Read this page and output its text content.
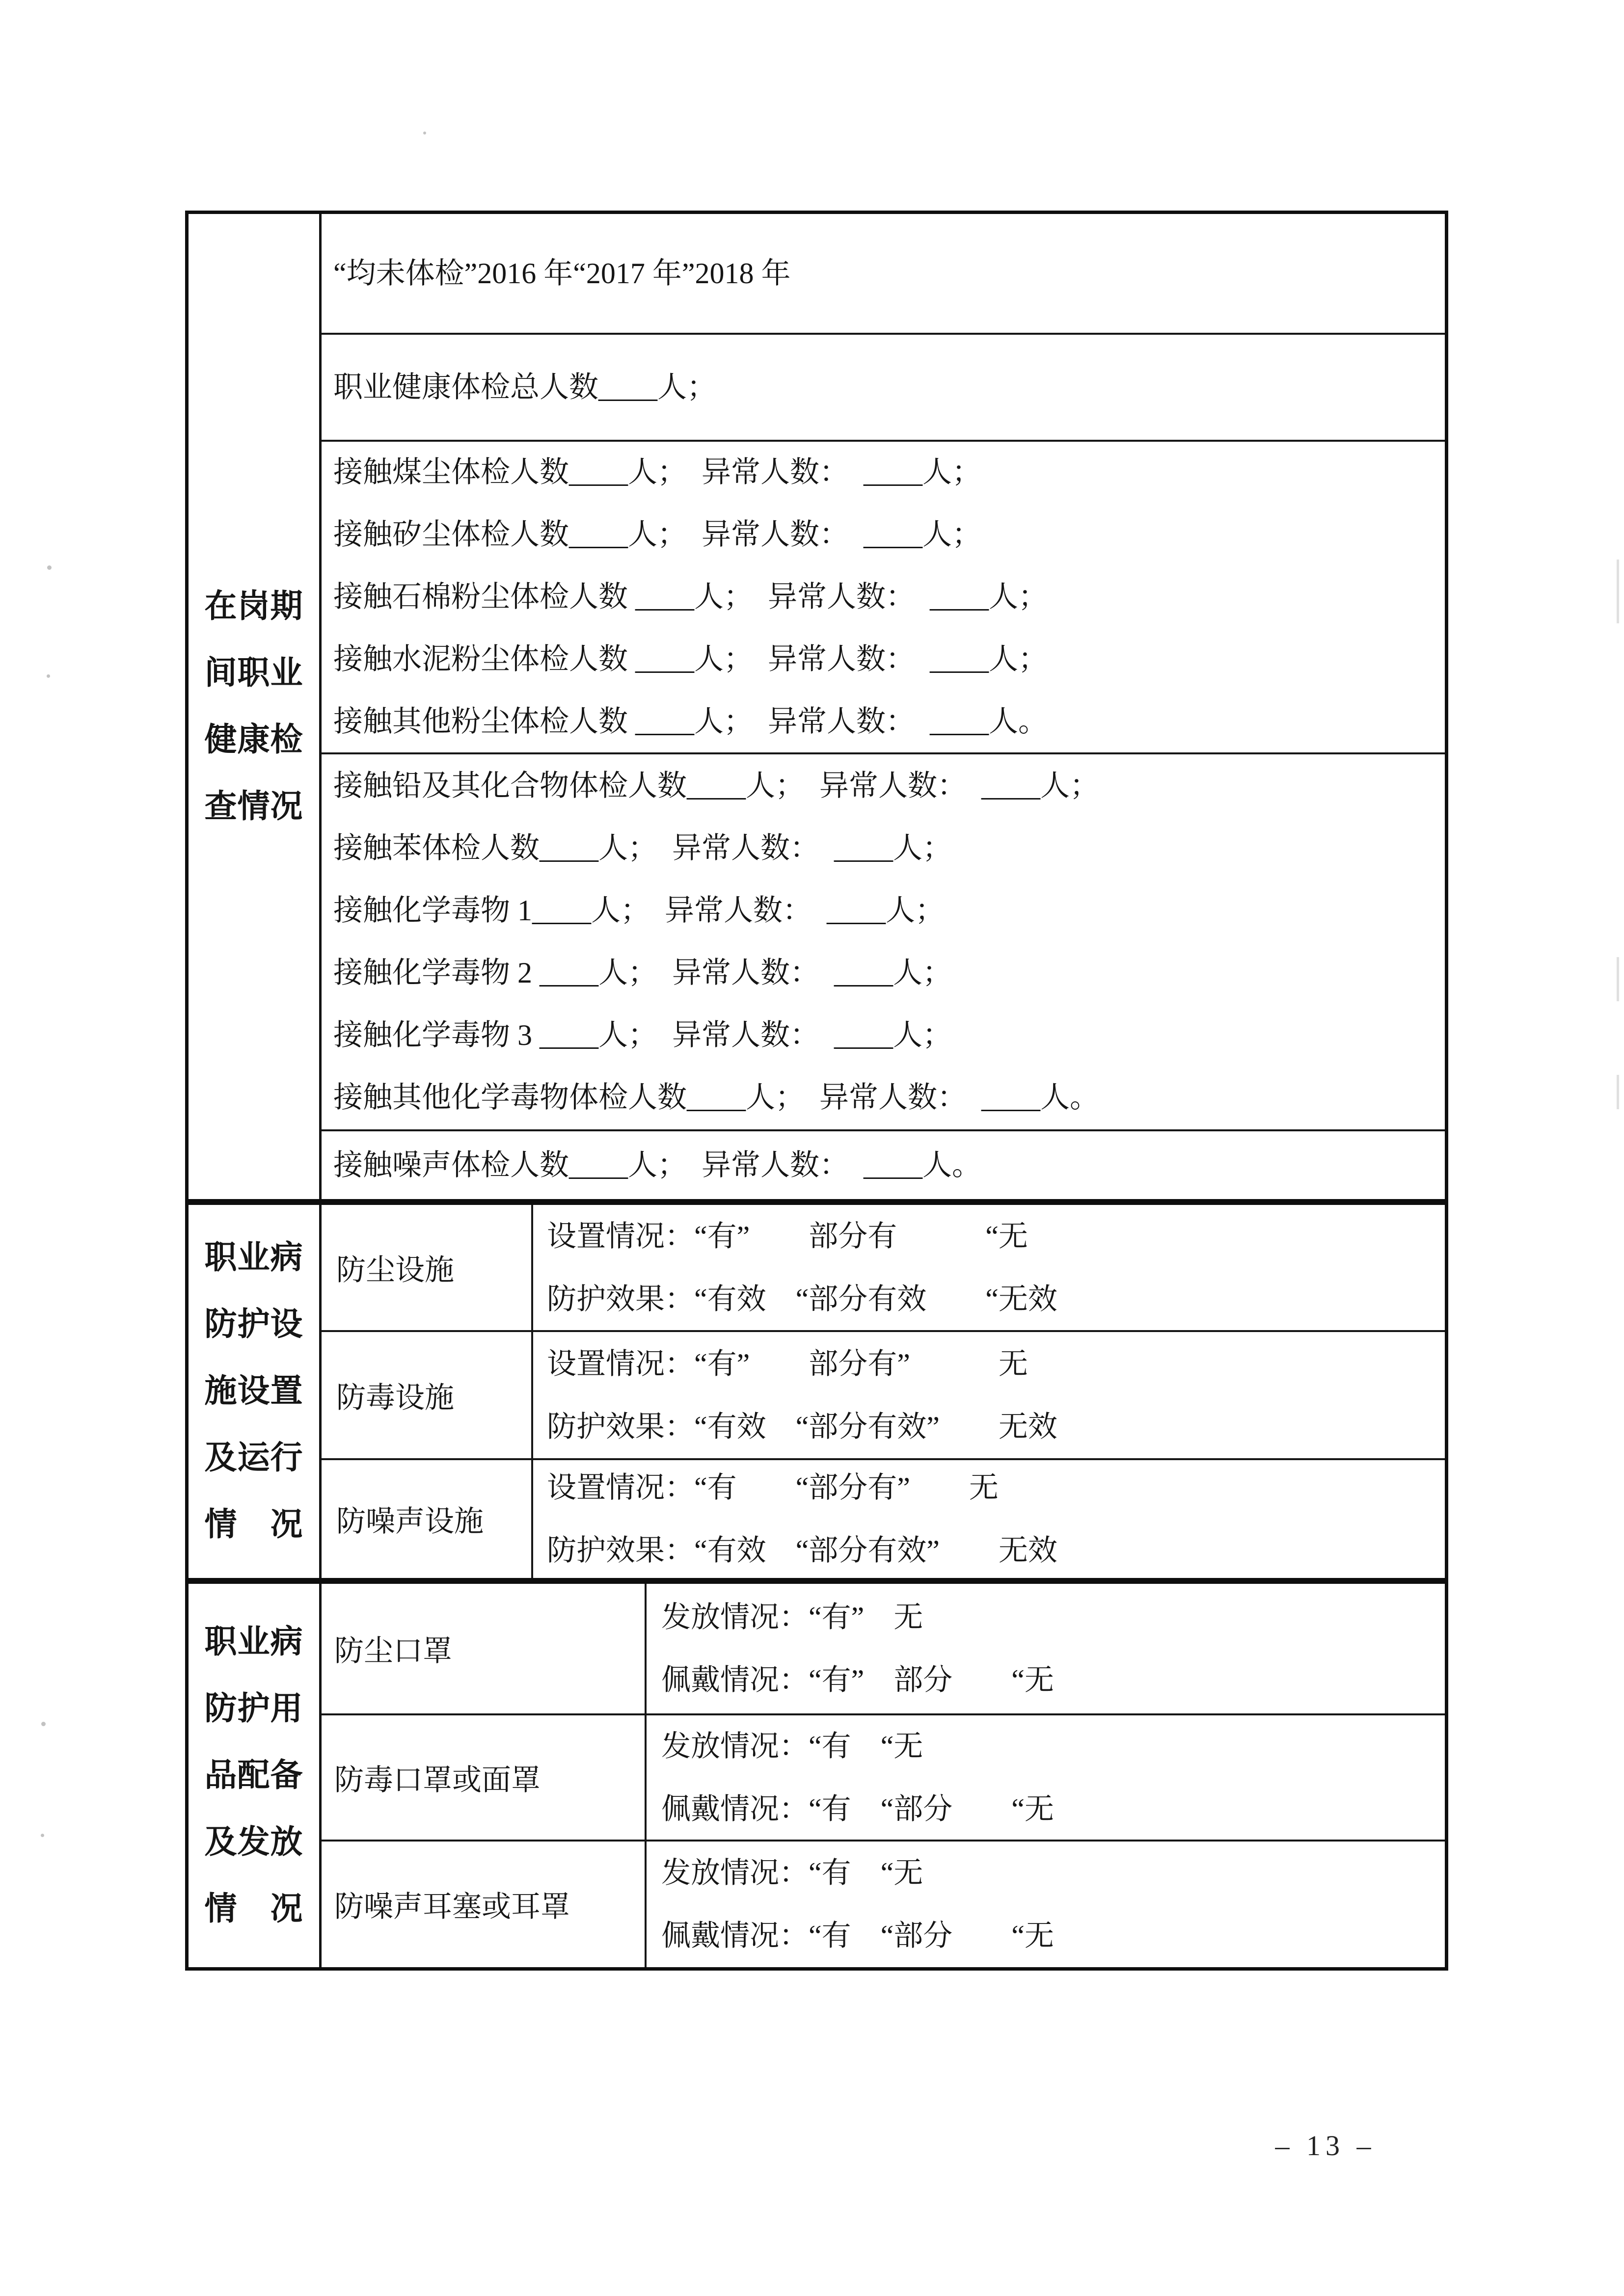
在岗期
间职业
健康检
查情况
“均未体检”2016 年“2017 年”2018 年
职业健康体检总人数____人；
接触煤尘体检人数____人；　异常人数：　____人；
接触矽尘体检人数____人；　异常人数：　____人；
接触石棉粉尘体检人数 ____人；　异常人数：　____人；
接触水泥粉尘体检人数 ____人；　异常人数：　____人；
接触其他粉尘体检人数 ____人；　异常人数：　____人。
接触铅及其化合物体检人数____人；　异常人数：　____人；
接触苯体检人数____人；　异常人数：　____人；
接触化学毒物 1____人；　异常人数：　____人；
接触化学毒物 2 ____人；　异常人数：　____人；
接触化学毒物 3 ____人；　异常人数：　____人；
接触其他化学毒物体检人数____人；　异常人数：　____人。
接触噪声体检人数____人；　异常人数：　____人。
职业病
防护设
施设置
及运行
情　况
防尘设施
设置情况：“有”　　部分有　　　“无
防护效果：“有效　“部分有效　　“无效
防毒设施
设置情况：“有”　　部分有”　　　无
防护效果：“有效　“部分有效”　　无效
防噪声设施
设置情况：“有　　“部分有”　　无
防护效果：“有效　“部分有效”　　无效
职业病
防护用
品配备
及发放
情　况
防尘口罩
发放情况：“有”　无
佩戴情况：“有”　部分　　“无
防毒口罩或面罩
发放情况：“有　“无
佩戴情况：“有　“部分　　“无
防噪声耳塞或耳罩
发放情况：“有　“无
佩戴情况：“有　“部分　　“无
– 13 –
